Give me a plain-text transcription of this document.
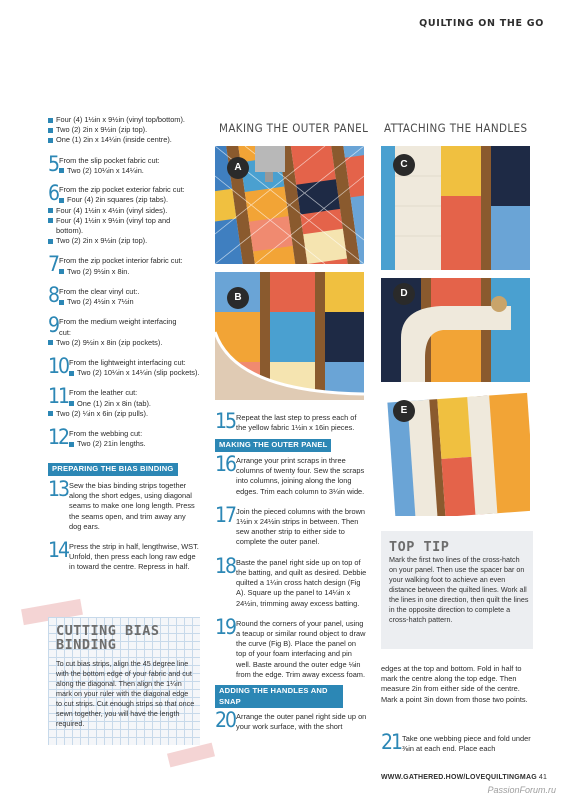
QUILTING ON THE GO
Four (4) 1½in x 9½in (vinyl top/bottom).
Two (2) 2in x 9½in (zip top).
One (1) 2in x 14¼in (inside centre).
5 From the slip pocket fabric cut:
Two (2) 10¼in x 14¼in.
6 From the zip pocket exterior fabric cut:
Four (4) 2in squares (zip tabs).
Four (4) 1½in x 4½in (vinyl sides).
Four (4) 1½in x 9½in (vinyl top and
bottom).
Two (2) 2in x 9½in (zip top).
7 From the zip pocket interior fabric cut:
Two (2) 9½in x 8in.
8 From the clear vinyl cut:.
Two (2) 4½in x 7½in
9 From the medium weight interfacing
cut:
Two (2) 9½in x 8in (zip pockets).
10 From the lightweight interfacing cut:
Two (2) 10¼in x 14¼in (slip pockets).
11 From the leather cut:
One (1) 2in x 8in (tab).
Two (2) ¼in x 6in (zip pulls).
12 From the webbing cut:
Two (2) 21in lengths.
PREPARING THE BIAS BINDING
13 Sew the bias binding strips together along the short edges, using diagonal seams to make one long length. Press the seams open, and trim away any dog ears.
14 Press the strip in half, lengthwise, WST. Unfold, then press each long raw edge in toward the centre. Repress in half.
CUTTING BIAS
BINDING
To cut bias strips, align the 45 degree line with the bottom edge of your fabric and cut along the diagonal. Then align the 1¼in mark on your ruler with the diagonal edge to cut strips. Cut enough strips so that once sewn together, you will have the length required.
MAKING THE OUTER PANEL
A
B
ATTACHING THE HANDLES
C
D
E
15 Repeat the last step to press each of the yellow fabric 1½in x 16in pieces.
MAKING THE OUTER PANEL
16 Arrange your print scraps in three columns of twenty four. Sew the scraps into columns, joining along the long edges. Trim each column to 3¼in wide.
17 Join the pieced columns with the brown 1½in x 24½in strips in between. Then sew another strip to either side to complete the outer panel.
18 Baste the panel right side up on top of the batting, and quilt as desired. Debbie quilted a 1¼in cross hatch design (Fig A). Square up the panel to 14¼in x 24½in, trimming away excess batting.
19 Round the corners of your panel, using a teacup or similar round object to draw the curve (Fig B). Place the panel on top of your foam interfacing and pin well. Baste around the outer edge ⅛in from the edge. Trim away excess foam.
ADDING THE HANDLES AND SNAP
20 Arrange the outer panel right side up on your work surface, with the short
TOP TIP
Mark the first two lines of the cross-hatch on your panel. Then use the spacer bar on your walking foot to achieve an even distance between the quilted lines. Work all the lines in one direction, then quilt the lines in the opposite direction to complete a cross-hatch pattern.
edges at the top and bottom. Fold in half to mark the centre along the top edge. Then measure 2in from either side of the centre. Mark a point 3in down from those two points.
21 Take one webbing piece and fold under ⅜in at each end. Place each
WWW.GATHERED.HOW/LOVEQUILTINGMAG 41
PassionForum.ru
